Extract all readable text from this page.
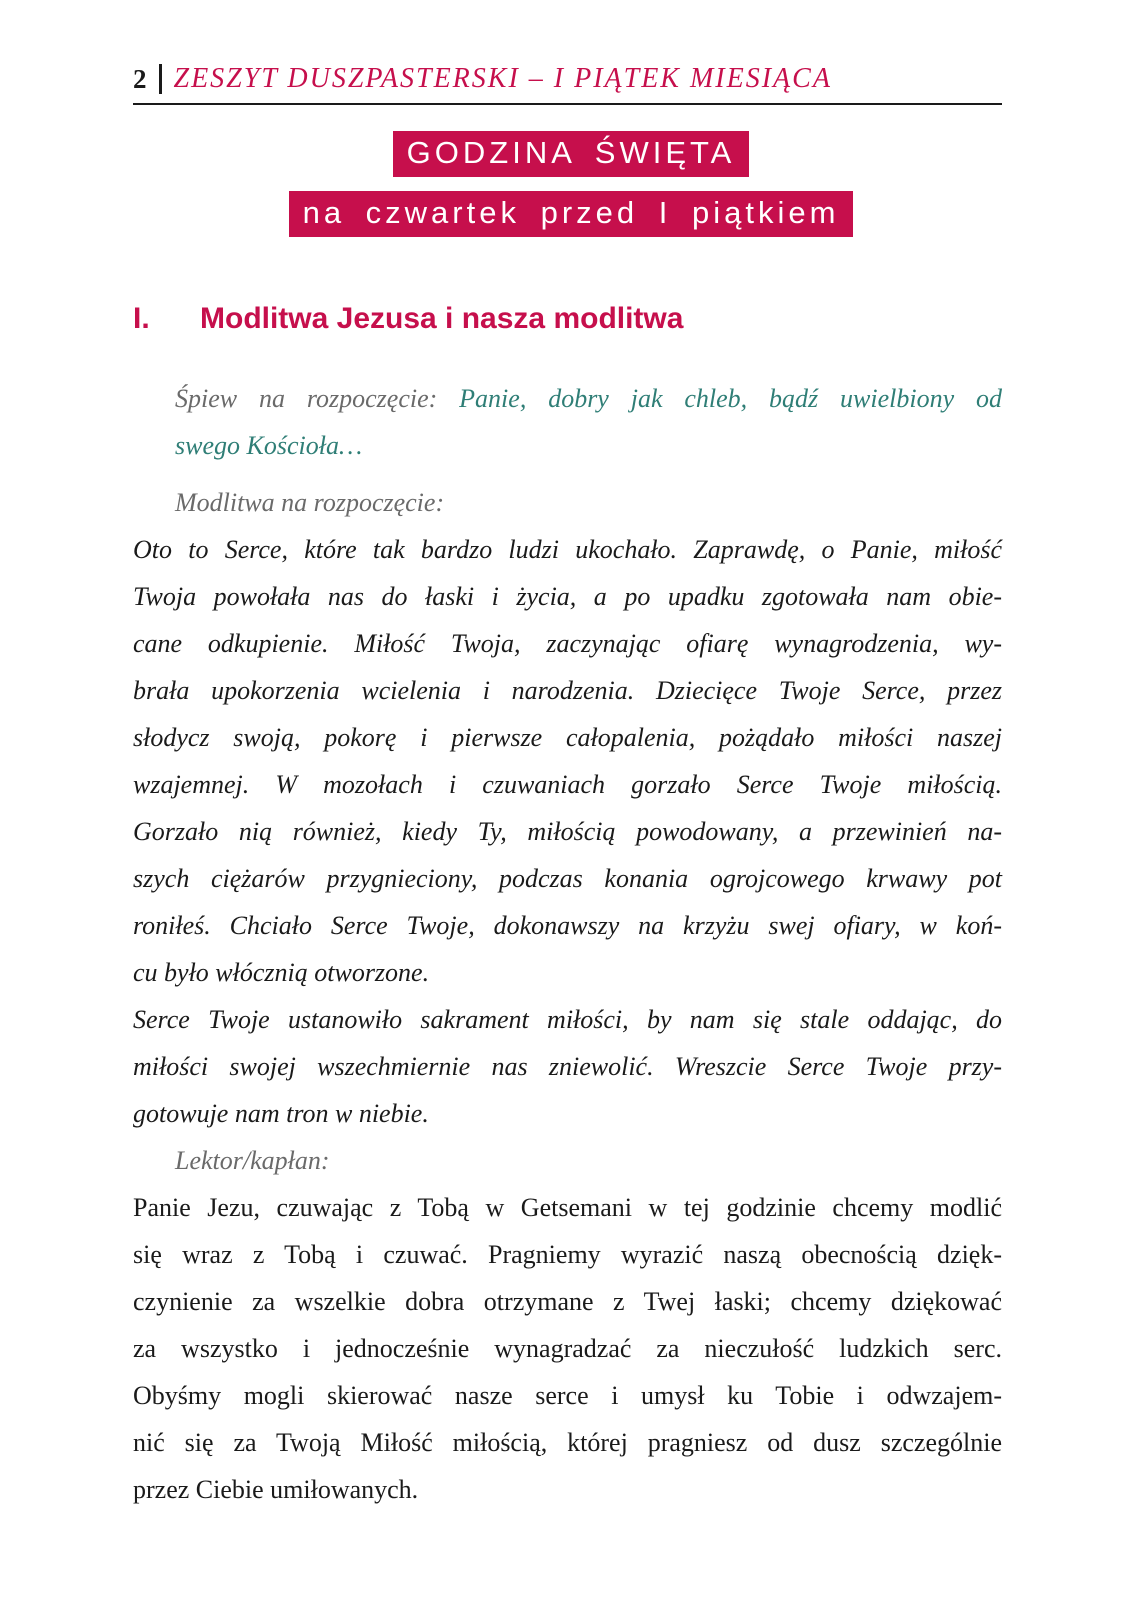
2 ZESZYT DUSZPASTERSKI – I PIĄTEK MIESIĄCA
GODZINA ŚWIĘTA
na czwartek przed I piątkiem
I.	Modlitwa Jezusa i nasza modlitwa
Śpiew na rozpoczęcie: Panie, dobry jak chleb, bądź uwielbiony od
swego Kościoła…
Modlitwa na rozpoczęcie:
Oto to Serce, które tak bardzo ludzi ukochało. Zaprawdę, o Panie, miłość
Twoja powołała nas do łaski i życia, a po upadku zgotowała nam obie-
cane odkupienie. Miłość Twoja, zaczynając ofiarę wynagrodzenia, wy-
brała upokorzenia wcielenia i narodzenia. Dziecięce Twoje Serce, przez
słodycz swoją, pokorę i pierwsze całopalenia, pożądało miłości naszej
wzajemnej. W mozołach i czuwaniach gorzało Serce Twoje miłością.
Gorzało nią również, kiedy Ty, miłością powodowany, a przewinień na-
szych ciężarów przygnieciony, podczas konania ogrojcowego krwawy pot
roniłeś. Chciało Serce Twoje, dokonawszy na krzyżu swej ofiary, w koń-
cu było włócznią otworzone.
Serce Twoje ustanowiło sakrament miłości, by nam się stale oddając, do
miłości swojej wszechmiernie nas zniewolić. Wreszcie Serce Twoje przy-
gotowuje nam tron w niebie.
Lektor/kapłan:
Panie Jezu, czuwając z Tobą w Getsemani w tej godzinie chcemy modlić
się wraz z Tobą i czuwać. Pragniemy wyrazić naszą obecnością dzięk-
czynienie za wszelkie dobra otrzymane z Twej łaski; chcemy dziękować
za wszystko i jednocześnie wynagradzać za nieczułość ludzkich serc.
Obyśmy mogli skierować nasze serce i umysł ku Tobie i odwzajem-
nić się za Twoją Miłość miłością, której pragniesz od dusz szczególnie
przez Ciebie umiłowanych.
